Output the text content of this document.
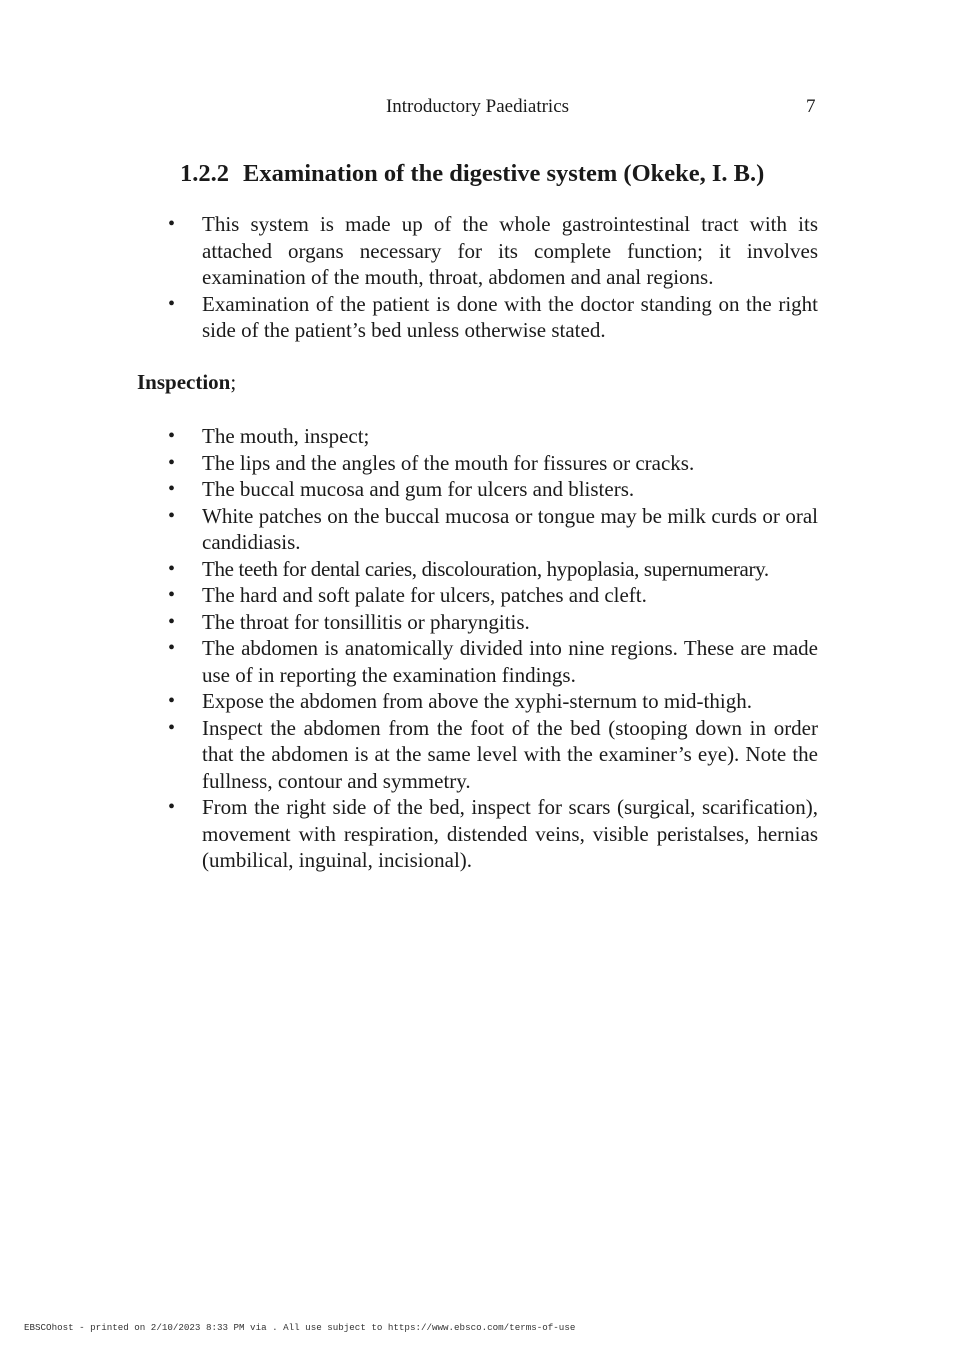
Introductory Paediatrics	7
1.2.2 Examination of the digestive system (Okeke, I. B.)
• This system is made up of the whole gastrointestinal tract with its attached organs necessary for its complete function; it involves examination of the mouth, throat, abdomen and anal regions.
• Examination of the patient is done with the doctor standing on the right side of the patient’s bed unless otherwise stated.

Inspection;

• The mouth, inspect;
• The lips and the angles of the mouth for fissures or cracks.
• The buccal mucosa and gum for ulcers and blisters.
• White patches on the buccal mucosa or tongue may be milk curds or oral candidiasis.
• The teeth for dental caries, discolouration, hypoplasia, supernumerary.
• The hard and soft palate for ulcers, patches and cleft.
• The throat for tonsillitis or pharyngitis.
• The abdomen is anatomically divided into nine regions. These are made use of in reporting the examination findings.
• Expose the abdomen from above the xyphi-sternum to mid-thigh.
• Inspect the abdomen from the foot of the bed (stooping down in order that the abdomen is at the same level with the examiner’s eye). Note the fullness, contour and symmetry.
• From the right side of the bed, inspect for scars (surgical, scarification), movement with respiration, distended veins, visible peristalses, hernias (umbilical, inguinal, incisional).
EBSCOhost - printed on 2/10/2023 8:33 PM via . All use subject to https://www.ebsco.com/terms-of-use
